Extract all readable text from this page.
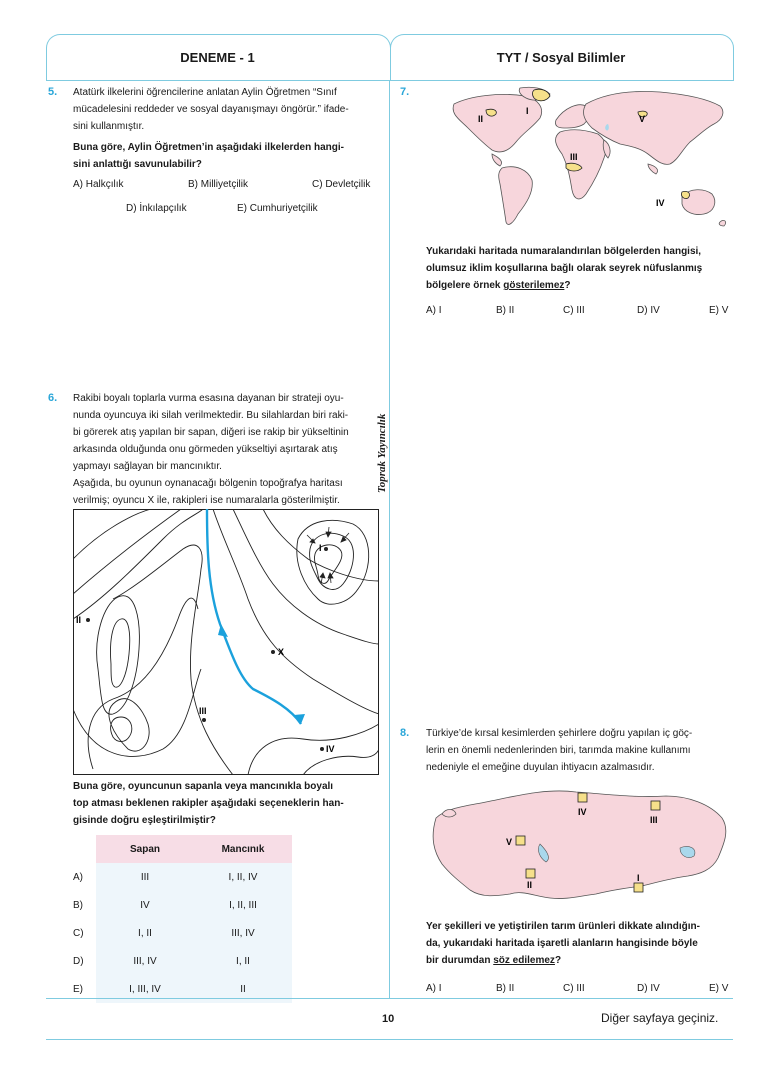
DENEME - 1	TYT / Sosyal Bilimler
5. Atatürk ilkelerini öğrencilerine anlatan Aylin Öğretmen “Sınıf
mücadelesini reddeder ve sosyal dayanışmayı öngörür.” ifade-
sini kullanmıştır.
Buna göre, Aylin Öğretmen’in aşağıdaki ilkelerden hangi-
sini anlattığı savunulabilir?
A) Halkçılık	B) Milliyetçilik	C) Devletçilik
D) İnkılapçılık	E) Cumhuriyetçilik
6. Rakibi boyalı toplarla vurma esasına dayanan bir strateji oyu-
nunda oyuncuya iki silah verilmektedir. Bu silahlardan biri raki-
bi görerek atış yapılan bir sapan, diğeri ise rakip bir yükseltinin
arkasında olduğunda onu görmeden yükseltiyi aşırtarak atış
yapmayı sağlayan bir mancınıktır.
Aşağıda, bu oyunun oynanacağı bölgenin topoğrafya haritası
verilmiş; oyuncu X ile, rakipleri ise numaralarla gösterilmiştir.
I
II
X
III
IV
Buna göre, oyuncunun sapanla veya mancınıkla boyalı
top atması beklenen rakipler aşağıdaki seçeneklerin han-
gisinde doğru eşleştirilmiştir?
	Sapan	Mancınık
A)	III	I, II, IV
B)	IV	I, II, III
C)	I, II	III, IV
D)	III, IV	I, II
E)	I, III, IV	II
Toprak Yayıncılık
7.
I
II
III
IV
V
Yukarıdaki haritada numaralandırılan bölgelerden hangisi,
olumsuz iklim koşullarına bağlı olarak seyrek nüfuslanmış
bölgelere örnek gösterilemez?
A) I	B) II	C) III	D) IV	E) V
8. Türkiye’de kırsal kesimlerden şehirlere doğru yapılan iç göç-
lerin en önemli nedenlerinden biri, tarımda makine kullanımı
nedeniyle el emeğine duyulan ihtiyacın azalmasıdır.
IV
III
V
II
I
Yer şekilleri ve yetiştirilen tarım ürünleri dikkate alındığın-
da, yukarıdaki haritada işaretli alanların hangisinde böyle
bir durumdan söz edilemez?
A) I	B) II	C) III	D) IV	E) V
10	Diğer sayfaya geçiniz.
